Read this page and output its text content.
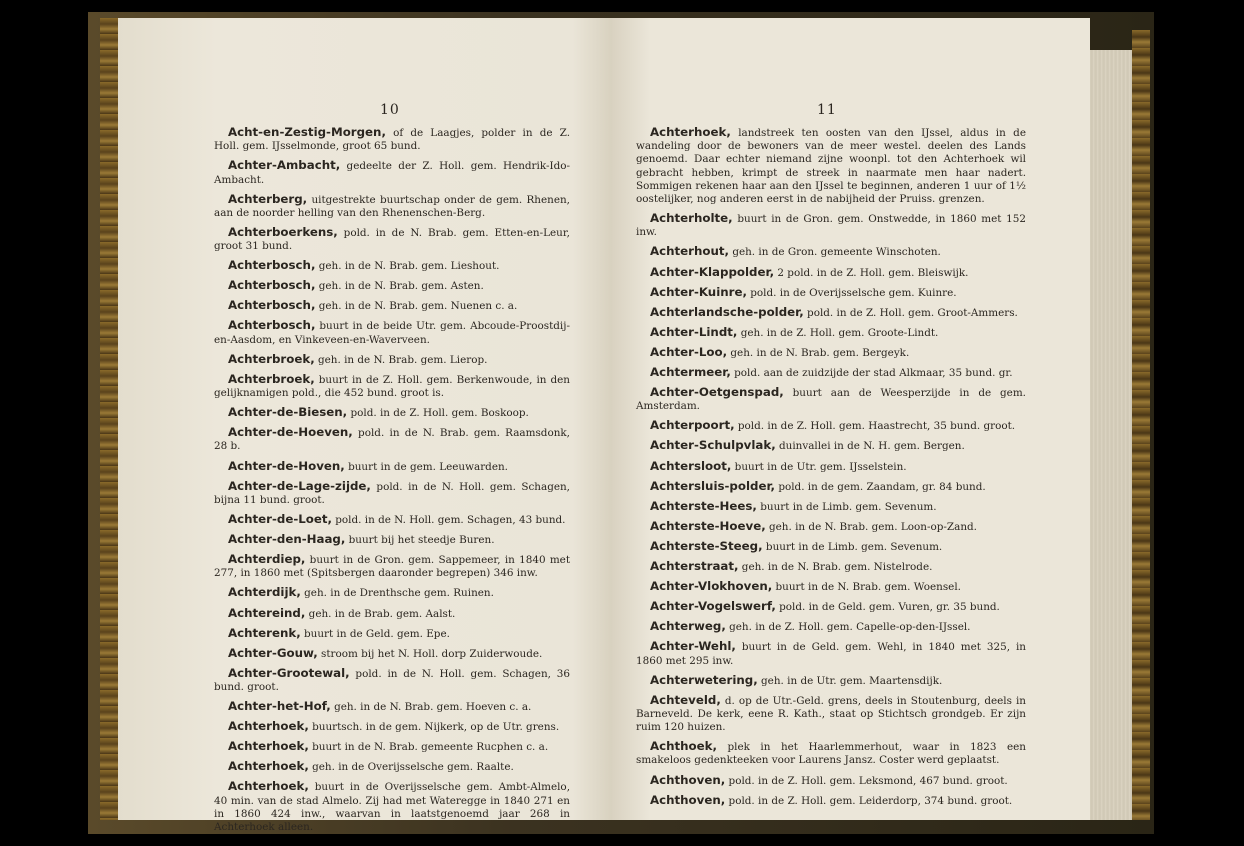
10

Acht-en-Zestig-Morgen, of de Laagjes, polder in de Z. Holl. gem. IJsselmonde, groot 65 bund.

Achter-Ambacht, gedeelte der Z. Holl. gem. Hendrik-Ido-Ambacht.

Achterberg, uitgestrekte buurtschap onder de gem. Rhenen, aan de noorder helling van den Rhenenschen-Berg.

Achterboerkens, pold. in de N. Brab. gem. Etten-en-Leur, groot 31 bund.

Achterbosch, geh. in de N. Brab. gem. Lieshout.

Achterbosch, geh. in de N. Brab. gem. Asten.

Achterbosch, geh. in de N. Brab. gem. Nuenen c. a.

Achterbosch, buurt in de beide Utr. gem. Abcoude-Proostdij-en-Aasdom, en Vinkeveen-en-Waverveen.

Achterbroek, geh. in de N. Brab. gem. Lierop.

Achterbroek, buurt in de Z. Holl. gem. Berkenwoude, in den gelijknamigen pold., die 452 bund. groot is.

Achter-de-Biesen, pold. in de Z. Holl. gem. Boskoop.

Achter-de-Hoeven, pold. in de N. Brab. gem. Raamsdonk, 28 b.

Achter-de-Hoven, buurt in de gem. Leeuwarden.

Achter-de-Lage-zijde, pold. in de N. Holl. gem. Schagen, bijna 11 bund. groot.

Achter-de-Loet, pold. in de N. Holl. gem. Schagen, 43 bund.

Achter-den-Haag, buurt bij het steedje Buren.

Achterdiep, buurt in de Gron. gem. Sappemeer, in 1840 met 277, in 1860 met (Spitsbergen daaronder begrepen) 346 inw.

Achterdijk, geh. in de Drenthsche gem. Ruinen.

Achtereind, geh. in de Brab. gem. Aalst.

Achterenk, buurt in de Geld. gem. Epe.

Achter-Gouw, stroom bij het N. Holl. dorp Zuiderwoude.

Achter-Grootewal, pold. in de N. Holl. gem. Schagen, 36 bund. groot.

Achter-het-Hof, geh. in de N. Brab. gem. Hoeven c. a.

Achterhoek, buurtsch. in de gem. Nijkerk, op de Utr. grens.

Achterhoek, buurt in de N. Brab. gemeente Rucphen c. a.

Achterhoek, geh. in de Overijsselsche gem. Raalte.

Achterhoek, buurt in de Overijsselsche gem. Ambt-Almelo, 40 min. van de stad Almelo. Zij had met Wateregge in 1840 271 en in 1860 424 inw., waarvan in laatstgenoemd jaar 268 in Achterhoek alleen.

11

Achterhoek, landstreek ten oosten van den IJssel, aldus in de wandeling door de bewoners van de meer westel. deelen des Lands genoemd. Daar echter niemand zijne woonpl. tot den Achterhoek wil gebracht hebben, krimpt de streek in naarmate men haar nadert. Sommigen rekenen haar aan den IJssel te beginnen, anderen 1 uur of 1½ oostelijker, nog anderen eerst in de nabijheid der Pruiss. grenzen.

Achterholte, buurt in de Gron. gem. Onstwedde, in 1860 met 152 inw.

Achterhout, geh. in de Gron. gemeente Winschoten.

Achter-Klappolder, 2 pold. in de Z. Holl. gem. Bleiswijk.

Achter-Kuinre, pold. in de Overijsselsche gem. Kuinre.

Achterlandsche-polder, pold. in de Z. Holl. gem. Groot-Ammers.

Achter-Lindt, geh. in de Z. Holl. gem. Groote-Lindt.

Achter-Loo, geh. in de N. Brab. gem. Bergeyk.

Achtermeer, pold. aan de zuidzijde der stad Alkmaar, 35 bund. gr.

Achter-Oetgenspad, buurt aan de Weesperzijde in de gem. Amsterdam.

Achterpoort, pold. in de Z. Holl. gem. Haastrecht, 35 bund. groot.

Achter-Schulpvlak, duinvallei in de N. H. gem. Bergen.

Achtersloot, buurt in de Utr. gem. IJsselstein.

Achtersluis-polder, pold. in de gem. Zaandam, gr. 84 bund.

Achterste-Hees, buurt in de Limb. gem. Sevenum.

Achterste-Hoeve, geh. in de N. Brab. gem. Loon-op-Zand.

Achterste-Steeg, buurt in de Limb. gem. Sevenum.

Achterstraat, geh. in de N. Brab. gem. Nistelrode.

Achter-Vlokhoven, buurt in de N. Brab. gem. Woensel.

Achter-Vogelswerf, pold. in de Geld. gem. Vuren, gr. 35 bund.

Achterweg, geh. in de Z. Holl. gem. Capelle-op-den-IJssel.

Achter-Wehl, buurt in de Geld. gem. Wehl, in 1840 met 325, in 1860 met 295 inw.

Achterwetering, geh. in de Utr. gem. Maartensdijk.

Achteveld, d. op de Utr.-Geld. grens, deels in Stoutenburg, deels in Barneveld. De kerk, eene R. Kath., staat op Stichtsch grondgeb. Er zijn ruim 120 huizen.

Achthoek, plek in het Haarlemmerhout, waar in 1823 een smakeloos gedenkteeken voor Laurens Jansz. Coster werd geplaatst.

Achthoven, pold. in de Z. Holl. gem. Leksmond, 467 bund. groot.

Achthoven, pold. in de Z. Holl. gem. Leiderdorp, 374 bund. groot.
